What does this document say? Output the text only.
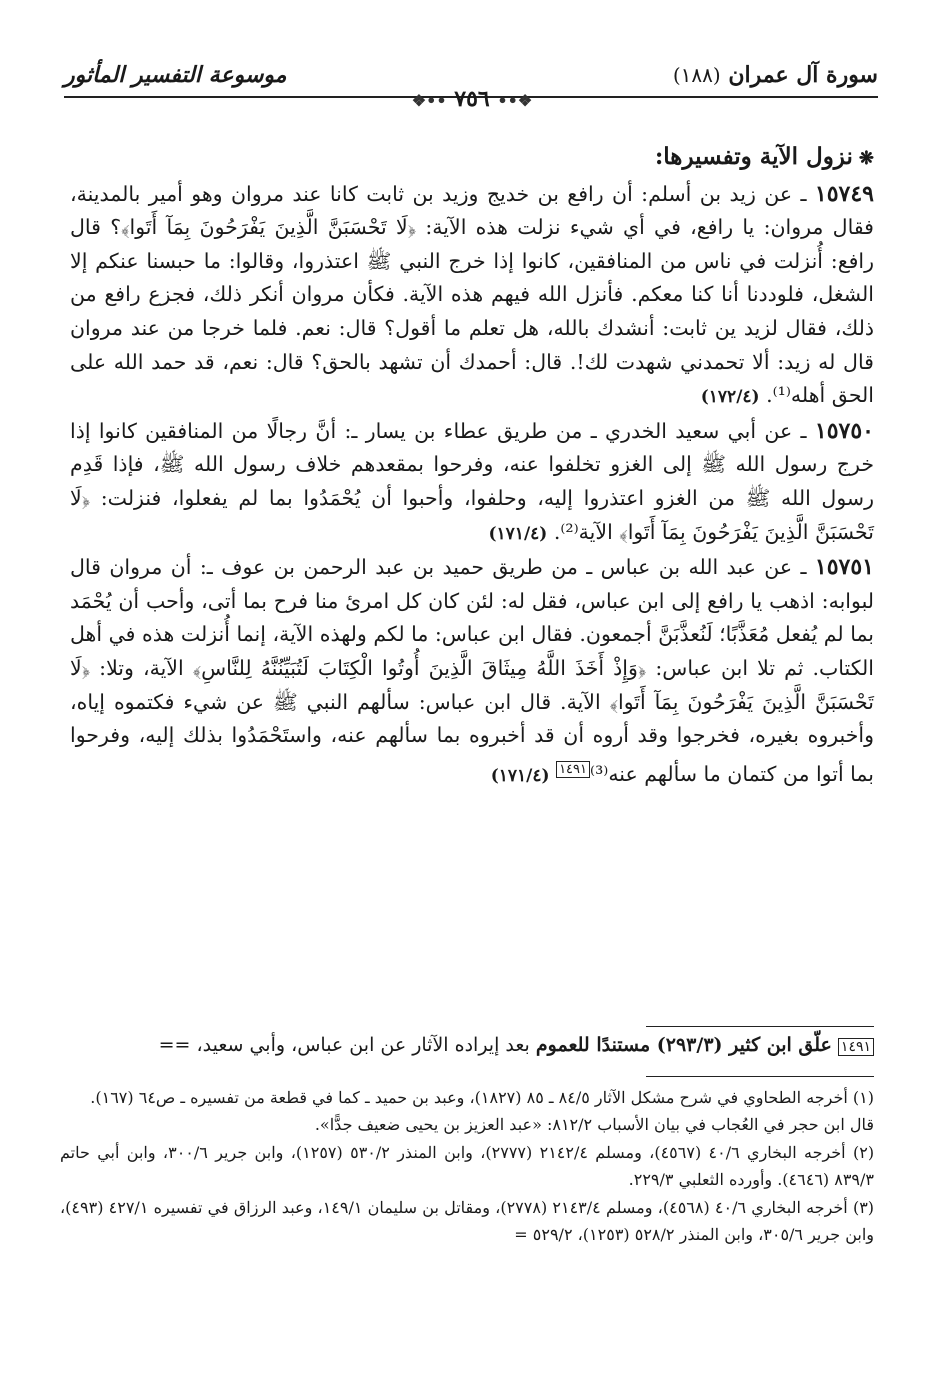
موسوعة التفسير المأثور	سورة آل عمران (١٨٨)
❖•• ٧٥٦ ••❖
❋نزول الآية وتفسيرها:

١٥٧٤٩ ـ عن زيد بن أسلم: أن رافع بن خديج وزيد بن ثابت كانا عند مروان وهو أمير بالمدينة، فقال مروان: يا رافع، في أي شيء نزلت هذه الآية: ﴿لَا تَحْسَبَنَّ الَّذِينَ يَفْرَحُونَ بِمَآ أَتَوا﴾؟ قال رافع: أُنزلت في ناس من المنافقين، كانوا إذا خرج النبي ﷺ اعتذروا، وقالوا: ما حبسنا عنكم إلا الشغل، فلوددنا أنا كنا معكم. فأنزل الله فيهم هذه الآية. فكأن مروان أنكر ذلك، فجزع رافع من ذلك، فقال لزيد ين ثابت: أنشدك بالله، هل تعلم ما أقول؟ قال: نعم. فلما خرجا من عند مروان قال له زيد: ألا تحمدني شهدت لك!. قال: أحمدك أن تشهد بالحق؟ قال: نعم، قد حمد الله على الحق أهله⁽¹⁾. (١٧٢/٤)

١٥٧٥٠ ـ عن أبي سعيد الخدري ـ من طريق عطاء بن يسار ـ: أنَّ رجالًا من المنافقين كانوا إذا خرج رسول الله ﷺ إلى الغزو تخلفوا عنه، وفرحوا بمقعدهم خلاف رسول الله ﷺ، فإذا قَدِم رسول الله ﷺ من الغزو اعتذروا إليه، وحلفوا، وأحبوا أن يُحْمَدُوا بما لم يفعلوا، فنزلت: ﴿لَا تَحْسَبَنَّ الَّذِينَ يَفْرَحُونَ بِمَآ أَتَوا﴾ الآية⁽²⁾. (١٧١/٤)

١٥٧٥١ ـ عن عبد الله بن عباس ـ من طريق حميد بن عبد الرحمن بن عوف ـ: أن مروان قال لبوابه: اذهب يا رافع إلى ابن عباس، فقل له: لئن كان كل امرئ منا فرح بما أتى، وأحب أن يُحْمَد بما لم يُفعل مُعَذَّبًا؛ لَنُعذَّبَنَّ أجمعون. فقال ابن عباس: ما لكم ولهذه الآية، إنما أُنزلت هذه في أهل الكتاب. ثم تلا ابن عباس: ﴿وَإِذْ أَخَذَ اللَّهُ مِيثَاقَ الَّذِينَ أُوتُوا الْكِتَابَ لَتُبَيِّنُنَّهُ لِلنَّاسِ﴾ الآية، وتلا: ﴿لَا تَحْسَبَنَّ الَّذِينَ يَفْرَحُونَ بِمَآ أَتَوا﴾ الآية. قال ابن عباس: سألهم النبي ﷺ عن شيء فكتموه إياه، وأخبروه بغيره، فخرجوا وقد أروه أن قد أخبروه بما سألهم عنه، واستَحْمَدُوا بذلك إليه، وفرحوا بما أتوا من كتمان ما سألهم عنه⁽³⁾$^{١٤٩١}$ (١٧١/٤)

١٤٩١ علّق ابن كثير (٢٩٣/٣) مستندًا للعموم بعد إيراده الآثار عن ابن عباس، وأبي سعيد، ==

(١) أخرجه الطحاوي في شرح مشكل الآثار ٨٤/٥ ـ ٨٥ (١٨٢٧)، وعبد بن حميد ـ كما في قطعة من تفسيره ـ ص٦٤ (١٦٧).

قال ابن حجر في العُجاب في بيان الأسباب ٨١٢/٢: «عبد العزيز بن يحيى ضعيف جدًّا».

(٢) أخرجه البخاري ٤٠/٦ (٤٥٦٧)، ومسلم ٢١٤٢/٤ (٢٧٧٧)، وابن المنذر ٥٣٠/٢ (١٢٥٧)، وابن جرير ٣٠٠/٦، وابن أبي حاتم ٨٣٩/٣ (٤٦٤٦). وأورده الثعلبي ٢٢٩/٣.

(٣) أخرجه البخاري ٤٠/٦ (٤٥٦٨)، ومسلم ٢١٤٣/٤ (٢٧٧٨)، ومقاتل بن سليمان ١٤٩/١، وعبد الرزاق في تفسيره ٤٢٧/١ (٤٩٣)، وابن جرير ٣٠٥/٦، وابن المنذر ٥٢٨/٢ (١٢٥٣)، ٥٢٩/٢ =
